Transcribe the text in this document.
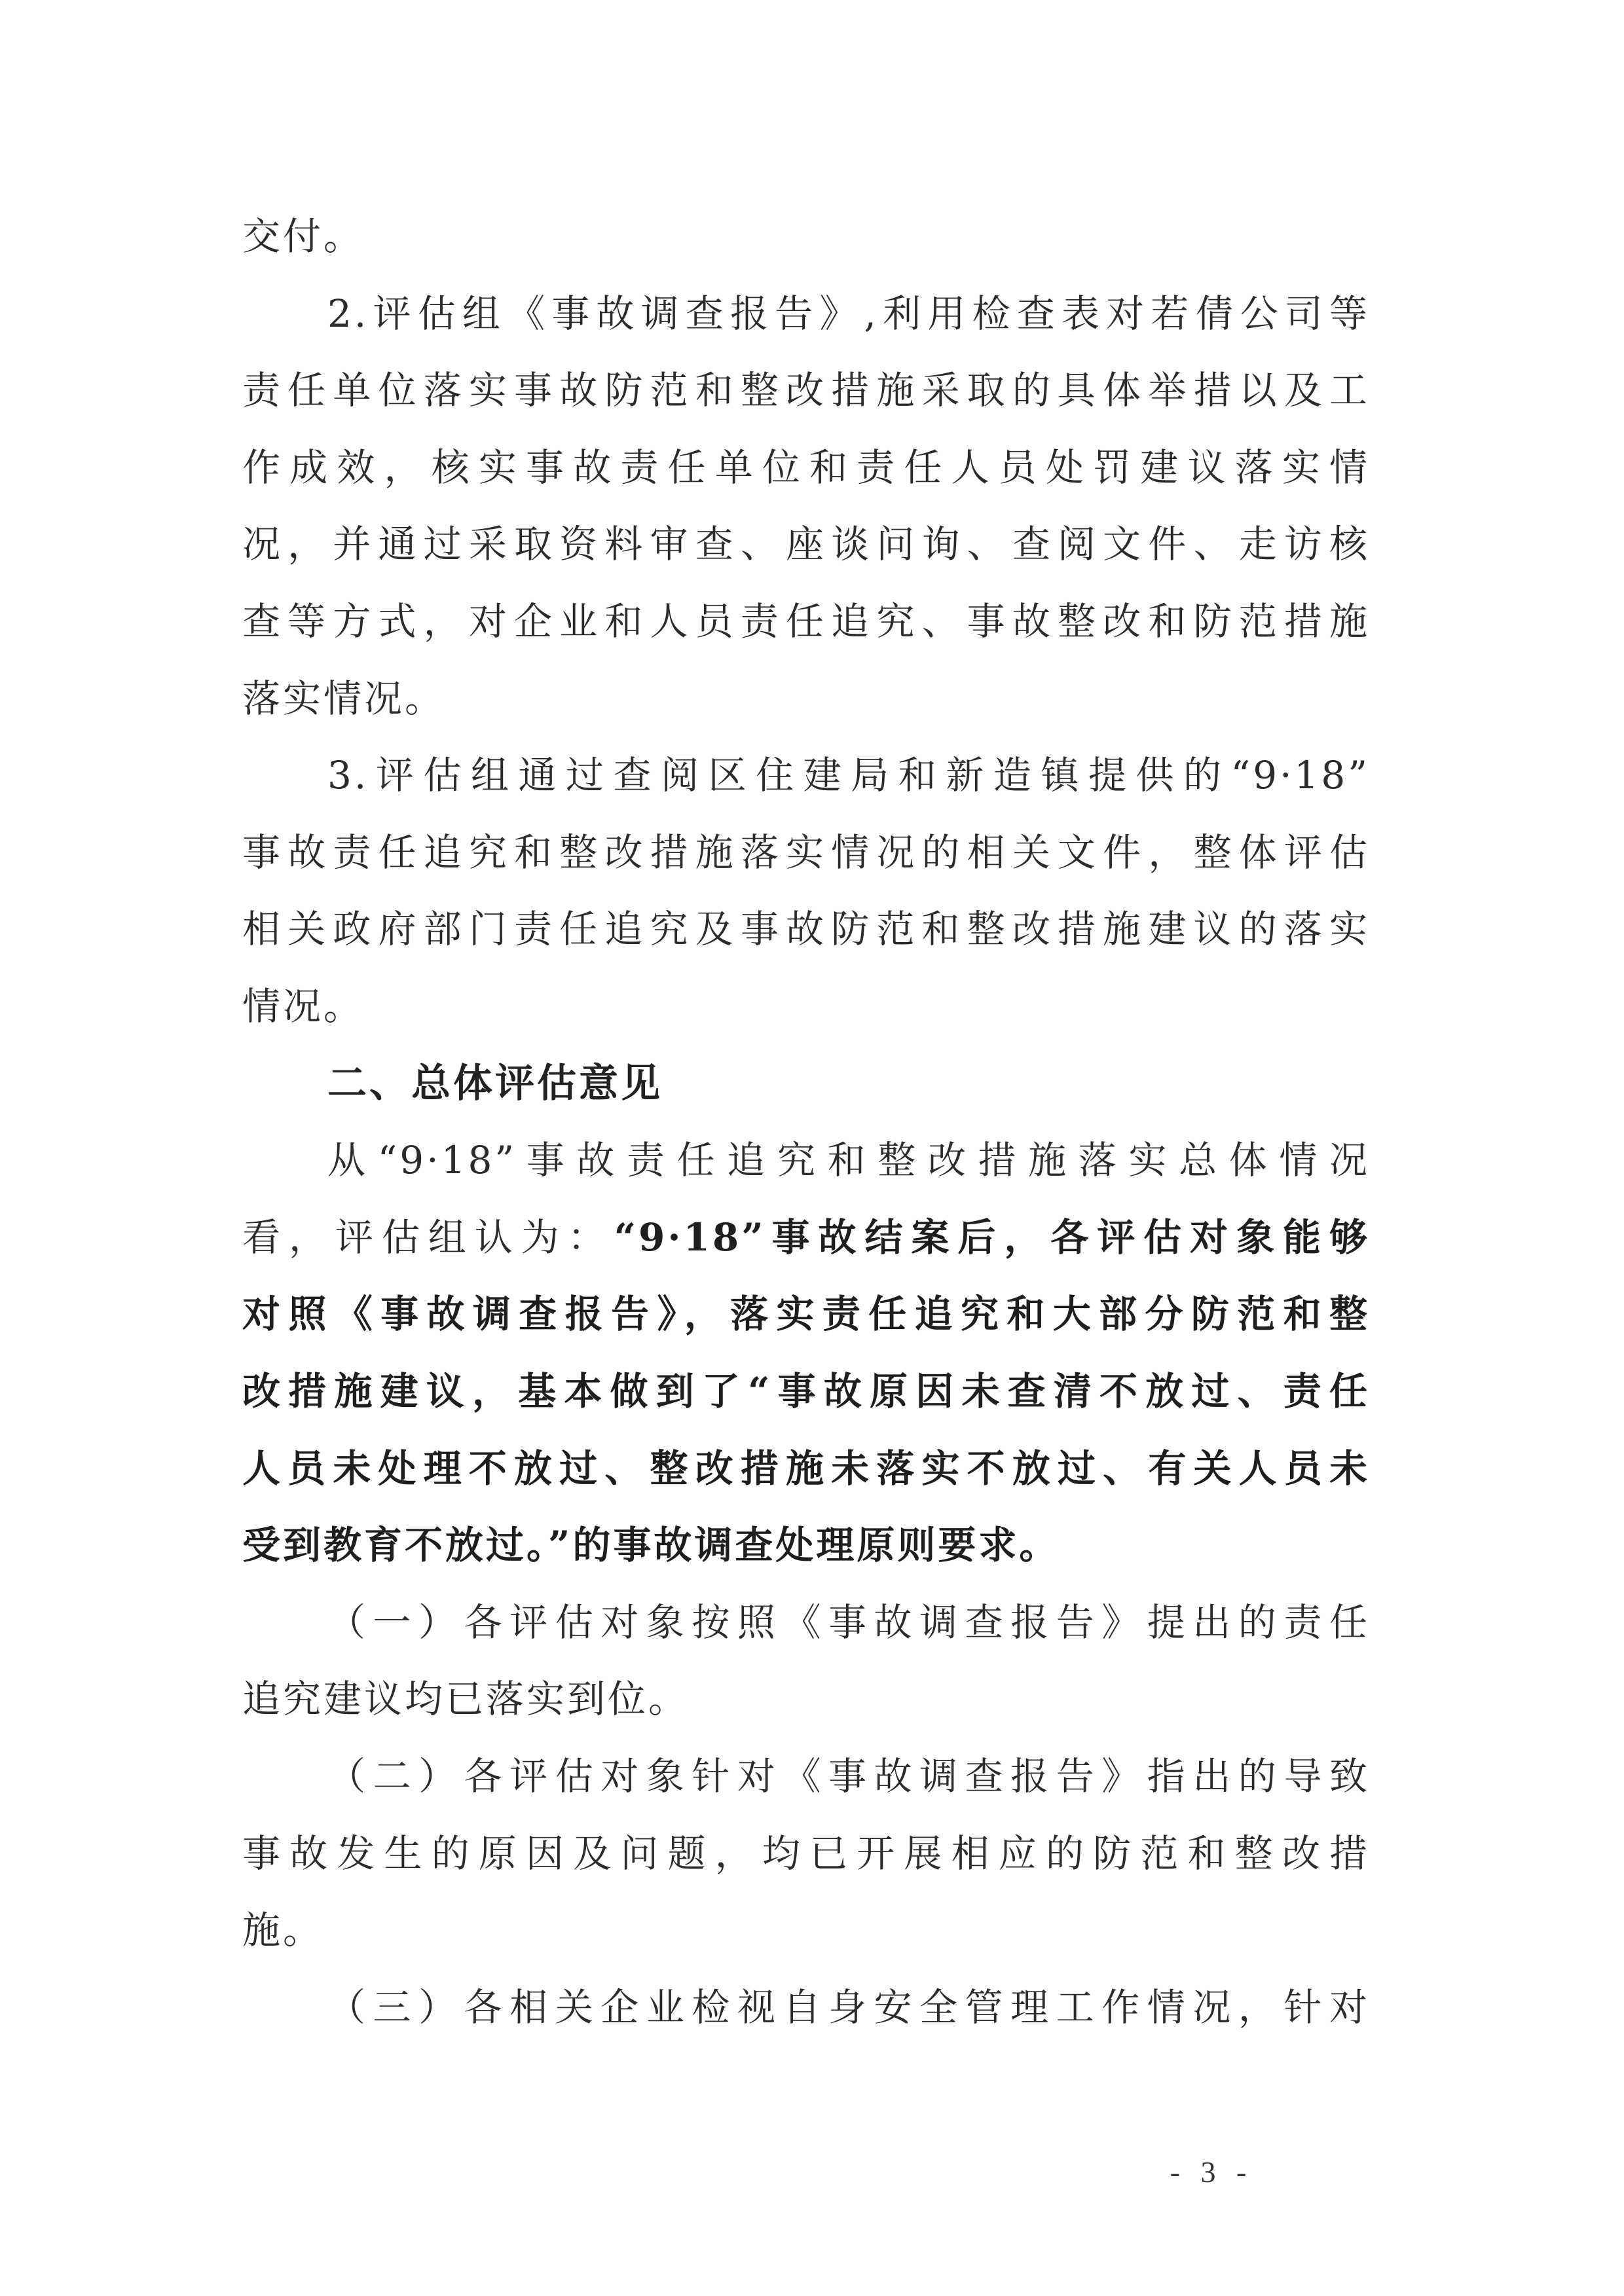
交付。
2.评估组《事故调查报告》,利用检查表对若倩公司等
责任单位落实事故防范和整改措施采取的具体举措以及工
作成效，核实事故责任单位和责任人员处罚建议落实情
况，并通过采取资料审查、座谈问询、查阅文件、走访核
查等方式，对企业和人员责任追究、事故整改和防范措施
落实情况。
3.评估组通过查阅区住建局和新造镇提供的“9·18”
事故责任追究和整改措施落实情况的相关文件，整体评估
相关政府部门责任追究及事故防范和整改措施建议的落实
情况。
二、总体评估意见
从“9·18”事故责任追究和整改措施落实总体情况
看，评估组认为：“9·18”事故结案后，各评估对象能够
对照《事故调查报告》，落实责任追究和大部分防范和整
改措施建议，基本做到了“事故原因未查清不放过、责任
人员未处理不放过、整改措施未落实不放过、有关人员未
受到教育不放过。”的事故调查处理原则要求。
（一）各评估对象按照《事故调查报告》提出的责任
追究建议均已落实到位。
（二）各评估对象针对《事故调查报告》指出的导致
事故发生的原因及问题，均已开展相应的防范和整改措
施。
（三）各相关企业检视自身安全管理工作情况，针对
- 3 -
